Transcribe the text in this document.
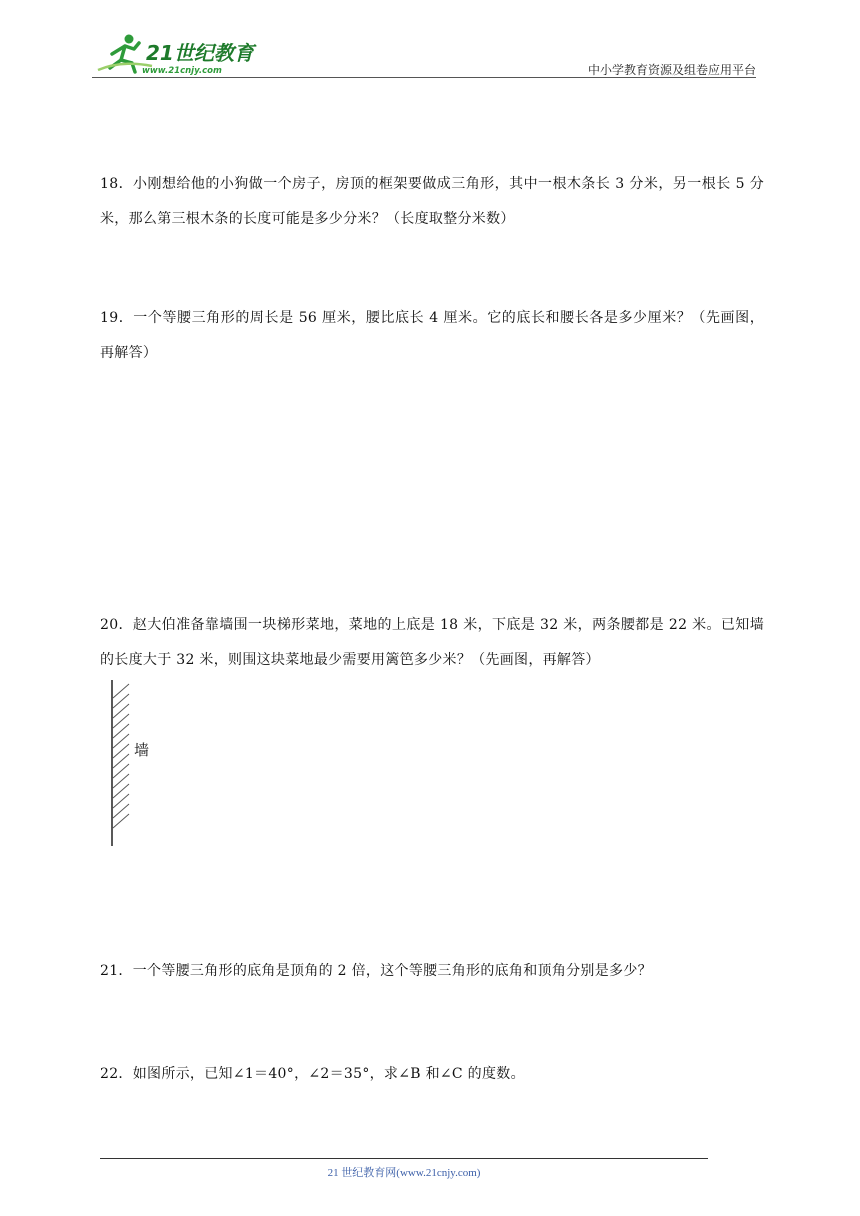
21世纪教育
www.21cnjy.com	中小学教育资源及组卷应用平台
18．小刚想给他的小狗做一个房子，房顶的框架要做成三角形，其中一根木条长 3 分米，另一根长 5 分米，那么第三根木条的长度可能是多少分米？（长度取整分米数）
19．一个等腰三角形的周长是 56 厘米，腰比底长 4 厘米。它的底长和腰长各是多少厘米？（先画图，再解答）
20．赵大伯准备靠墙围一块梯形菜地，菜地的上底是 18 米，下底是 32 米，两条腰都是 22 米。已知墙的长度大于 32 米，则围这块菜地最少需要用篱笆多少米？（先画图，再解答）
墙
21．一个等腰三角形的底角是顶角的 2 倍，这个等腰三角形的底角和顶角分别是多少？
22．如图所示，已知∠1＝40°，∠2＝35°，求∠B 和∠C 的度数。
21 世纪教育网(www.21cnjy.com)
